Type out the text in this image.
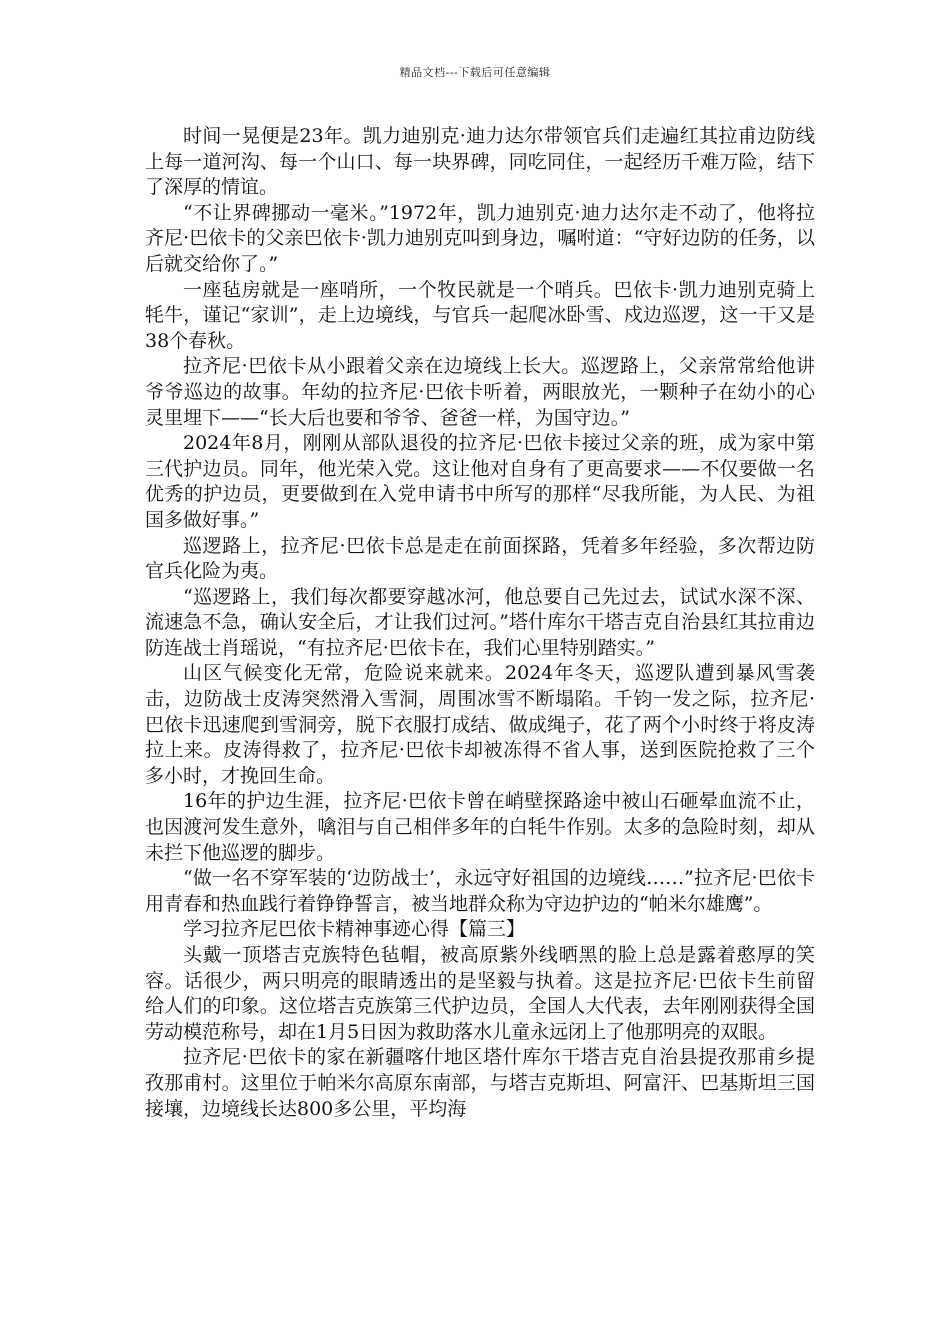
精品文档---下载后可任意编辑

时间一晃便是23年。凯力迪别克·迪力达尔带领官兵们走遍红其拉甫边防线上每一道河沟、每一个山口、每一块界碑，同吃同住，一起经历千难万险，结下了深厚的情谊。

“不让界碑挪动一毫米。”1972年，凯力迪别克·迪力达尔走不动了，他将拉齐尼·巴依卡的父亲巴依卡·凯力迪别克叫到身边，嘱咐道：“守好边防的任务，以后就交给你了。”

一座毡房就是一座哨所，一个牧民就是一个哨兵。巴依卡·凯力迪别克骑上牦牛，谨记“家训”，走上边境线，与官兵一起爬冰卧雪、戍边巡逻，这一干又是38个春秋。

拉齐尼·巴依卡从小跟着父亲在边境线上长大。巡逻路上，父亲常常给他讲爷爷巡边的故事。年幼的拉齐尼·巴依卡听着，两眼放光，一颗种子在幼小的心灵里埋下——“长大后也要和爷爷、爸爸一样，为国守边。”

2024年8月，刚刚从部队退役的拉齐尼·巴依卡接过父亲的班，成为家中第三代护边员。同年，他光荣入党。这让他对自身有了更高要求——不仅要做一名优秀的护边员，更要做到在入党申请书中所写的那样“尽我所能，为人民、为祖国多做好事。”

巡逻路上，拉齐尼·巴依卡总是走在前面探路，凭着多年经验，多次帮边防官兵化险为夷。

“巡逻路上，我们每次都要穿越冰河，他总要自己先过去，试试水深不深、流速急不急，确认安全后，才让我们过河。”塔什库尔干塔吉克自治县红其拉甫边防连战士肖瑶说，“有拉齐尼·巴依卡在，我们心里特别踏实。”

山区气候变化无常，危险说来就来。2024年冬天，巡逻队遭到暴风雪袭击，边防战士皮涛突然滑入雪洞，周围冰雪不断塌陷。千钧一发之际，拉齐尼·巴依卡迅速爬到雪洞旁，脱下衣服打成结、做成绳子，花了两个小时终于将皮涛拉上来。皮涛得救了，拉齐尼·巴依卡却被冻得不省人事，送到医院抢救了三个多小时，才挽回生命。

16年的护边生涯，拉齐尼·巴依卡曾在峭壁探路途中被山石砸晕血流不止，也因渡河发生意外，噙泪与自己相伴多年的白牦牛作别。太多的急险时刻，却从未拦下他巡逻的脚步。

“做一名不穿军装的‘边防战士’，永远守好祖国的边境线……”拉齐尼·巴依卡用青春和热血践行着铮铮誓言，被当地群众称为守边护边的“帕米尔雄鹰”。

学习拉齐尼巴依卡精神事迹心得【篇三】

头戴一顶塔吉克族特色毡帽，被高原紫外线晒黑的脸上总是露着憨厚的笑容。话很少，两只明亮的眼睛透出的是坚毅与执着。这是拉齐尼·巴依卡生前留给人们的印象。这位塔吉克族第三代护边员，全国人大代表，去年刚刚获得全国劳动模范称号，却在1月5日因为救助落水儿童永远闭上了他那明亮的双眼。

拉齐尼·巴依卡的家在新疆喀什地区塔什库尔干塔吉克自治县提孜那甫乡提孜那甫村。这里位于帕米尔高原东南部，与塔吉克斯坦、阿富汗、巴基斯坦三国接壤，边境线长达800多公里，平均海
